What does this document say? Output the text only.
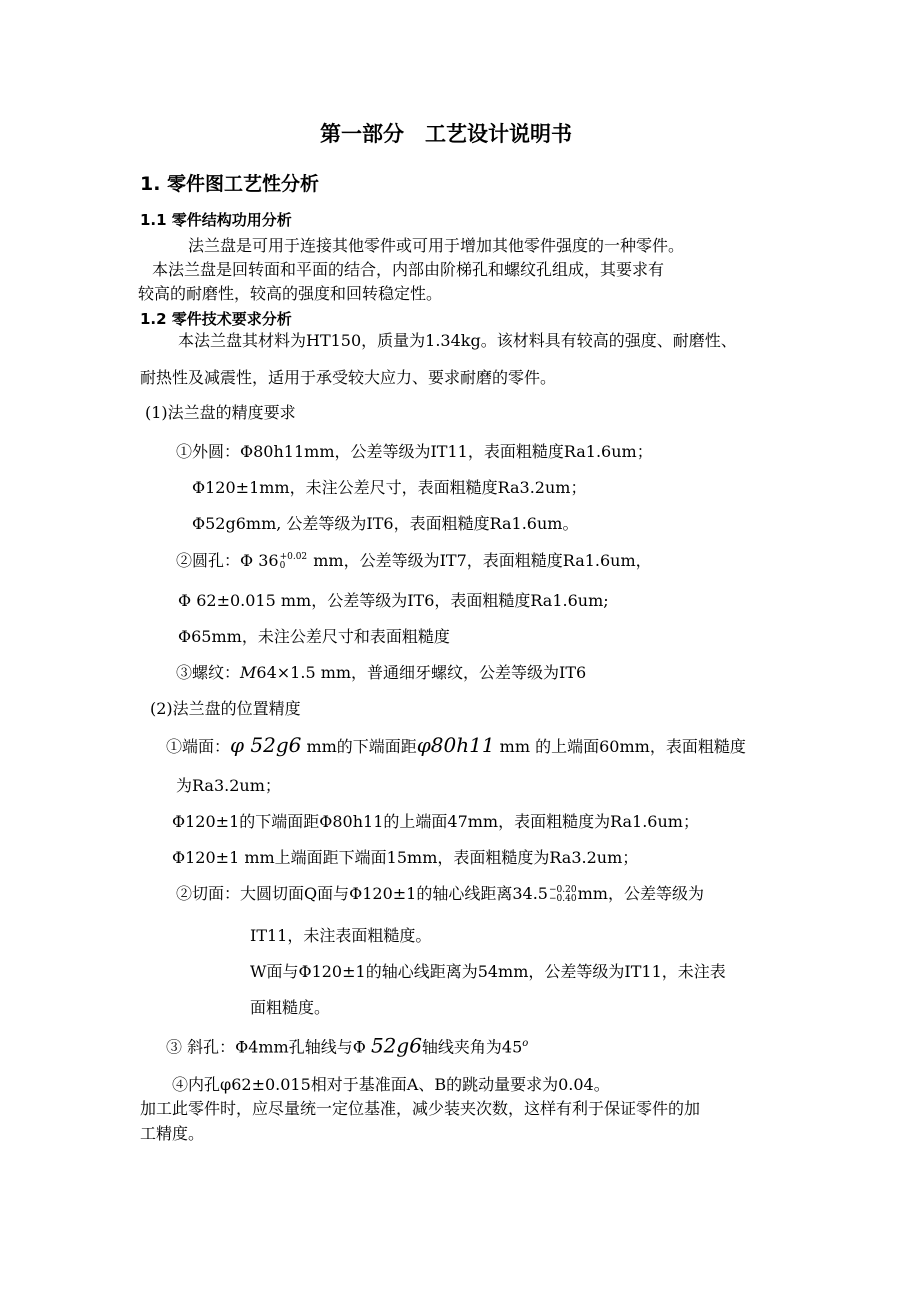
第一部分　工艺设计说明书
1. 零件图工艺性分析
1.1 零件结构功用分析
法兰盘是可用于连接其他零件或可用于增加其他零件强度的一种零件。
本法兰盘是回转面和平面的结合，内部由阶梯孔和螺纹孔组成，其要求有
较高的耐磨性，较高的强度和回转稳定性。
1.2 零件技术要求分析
本法兰盘其材料为HT150，质量为1.34kg。该材料具有较高的强度、耐磨性、
耐热性及减震性，适用于承受较大应力、要求耐磨的零件。
(1)法兰盘的精度要求
①外圆：Φ80h11mm，公差等级为IT11，表面粗糙度Ra1.6um；
Φ120±1mm，未注公差尺寸，表面粗糙度Ra3.2um；
Φ52g6mm, 公差等级为IT6，表面粗糙度Ra1.6um。
②圆孔：Φ 36 +0.02
0	mm，公差等级为IT7，表面粗糙度Ra1.6um，
Φ 62±0.015 mm，公差等级为IT6，表面粗糙度Ra1.6um;
Φ65mm，未注公差尺寸和表面粗糙度
③螺纹：M64×1.5 mm，普通细牙螺纹，公差等级为IT6
(2)法兰盘的位置精度
①端面：φ 52g6 mm的下端面距φ80h11 mm 的上端面60mm，表面粗糙度
为Ra3.2um；
Φ120±1的下端面距Φ80h11的上端面47mm，表面粗糙度为Ra1.6um；
Φ120±1 mm上端面距下端面15mm，表面粗糙度为Ra3.2um；
②切面：大圆切面Q面与Φ120±1的轴心线距离34.5 −0.20
−0.40 mm，公差等级为
IT11，未注表面粗糙度。
W面与Φ120±1的轴心线距离为54mm，公差等级为IT11，未注表
面粗糙度。
③ 斜孔：Φ4mm孔轴线与Φ 52g6轴线夹角为45$^o$
④内孔φ62±0.015相对于基准面A、B的跳动量要求为0.04。
加工此零件时，应尽量统一定位基准，减少装夹次数，这样有利于保证零件的加
工精度。
